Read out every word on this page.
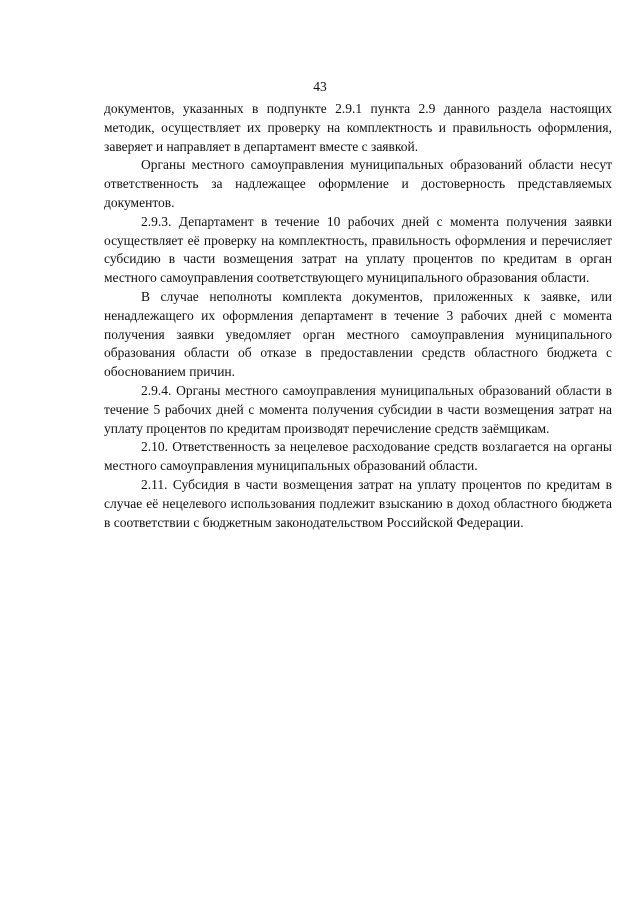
43

документов, указанных в подпункте 2.9.1 пункта 2.9 данного раздела настоящих методик, осуществляет их проверку на комплектность и правильность оформления, заверяет и направляет в департамент вместе с заявкой.

Органы местного самоуправления муниципальных образований области несут ответственность за надлежащее оформление и достоверность представляемых документов.

2.9.3. Департамент в течение 10 рабочих дней с момента получения заявки осуществляет её проверку на комплектность, правильность оформления и перечисляет субсидию в части возмещения затрат на уплату процентов по кредитам в орган местного самоуправления соответствующего муниципального образования области.

В случае неполноты комплекта документов, приложенных к заявке, или ненадлежащего их оформления департамент в течение 3 рабочих дней с момента получения заявки уведомляет орган местного самоуправления муниципального образования области об отказе в предоставлении средств областного бюджета с обоснованием причин.

2.9.4. Органы местного самоуправления муниципальных образований области в течение 5 рабочих дней с момента получения субсидии в части возмещения затрат на уплату процентов по кредитам производят перечисление средств заёмщикам.

2.10. Ответственность за нецелевое расходование средств возлагается на органы местного самоуправления муниципальных образований области.

2.11. Субсидия в части возмещения затрат на уплату процентов по кредитам в случае её нецелевого использования подлежит взысканию в доход областного бюджета в соответствии с бюджетным законодательством Российской Федерации.
